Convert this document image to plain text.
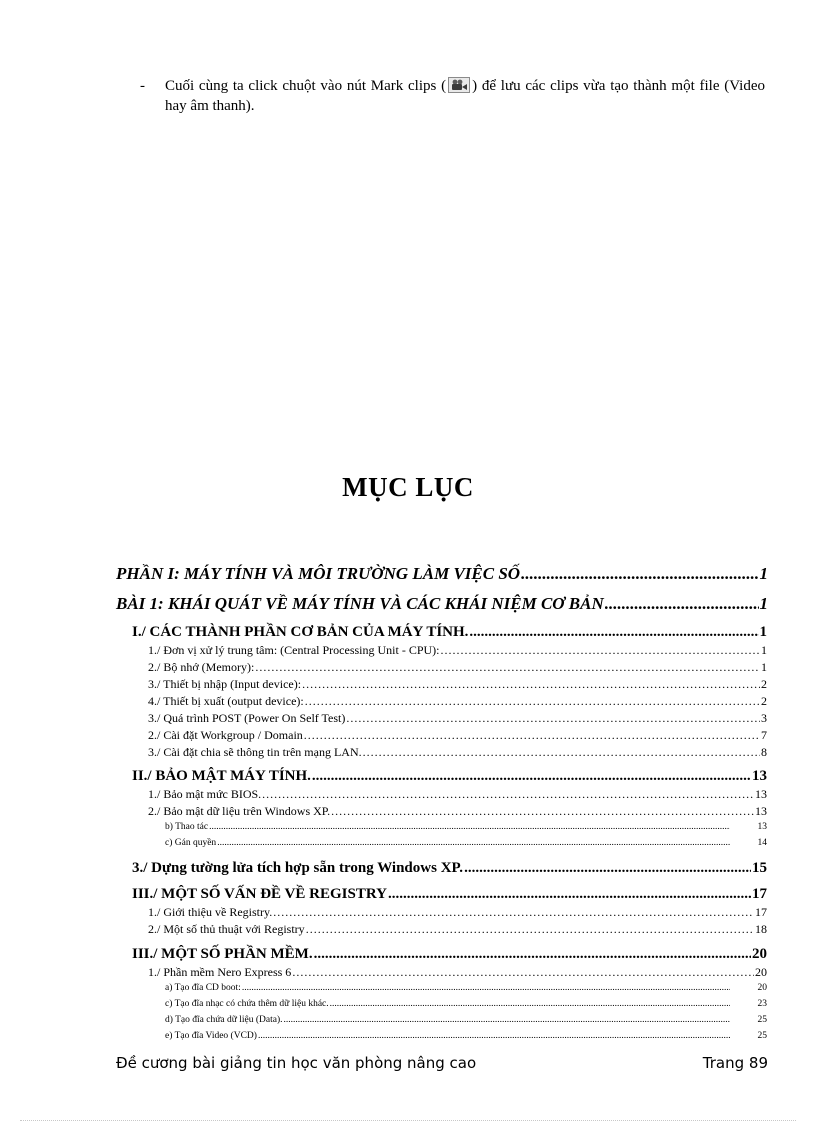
- Cuối cùng ta click chuột vào nút Mark clips ( ) để lưu các clips vừa tạo thành một file (Video hay âm thanh).
MỤC LỤC
PHẦN I: MÁY TÍNH VÀ MÔI TRƯỜNG LÀM VIỆC SỐ .....	1
BÀI 1: KHÁI QUÁT VỀ MÁY TÍNH VÀ CÁC KHÁI NIỆM CƠ BẢN .....	1
I./ CÁC THÀNH PHẦN CƠ BẢN CỦA MÁY TÍNH. .....	1
1./ Đơn vị xử lý trung tâm: (Central Processing Unit - CPU): .....	1
2./ Bộ nhớ (Memory): .....	1
3./ Thiết bị nhập (Input device): .....	2
4./ Thiết bị xuất (output device): .....	2
3./ Quá trình POST (Power On Self Test) .....	3
2./ Cài đặt Workgroup / Domain .....	7
3./ Cài đặt chia sẽ thông tin trên mạng LAN. .....	8
II./ BẢO MẬT MÁY TÍNH. .....	13
1./ Bảo mật mức BIOS. .....	13
2./ Bảo mật dữ liệu trên Windows XP. .....	13
b) Thao tác .....	13
c) Gán quyền .....	14
3./ Dựng tường lửa tích hợp sẵn trong Windows XP. .....	15
III./ MỘT SỐ VẤN ĐỀ VỀ REGISTRY .....	17
1./ Giới thiệu về Registry. .....	17
2./ Một số thủ thuật với Registry .....	18
III./ MỘT SỐ PHẦN MỀM. .....	20
1./ Phần mềm Nero Express 6 .....	20
a) Tạo đĩa CD boot: .....	20
c) Tạo đĩa nhạc có chứa thêm dữ liệu khác. .....	23
d) Tạo đĩa chứa dữ liệu (Data). .....	25
e) Tạo đĩa Video (VCD) .....	25
Đề cương bài giảng tin học văn phòng nâng cao	Trang 89
